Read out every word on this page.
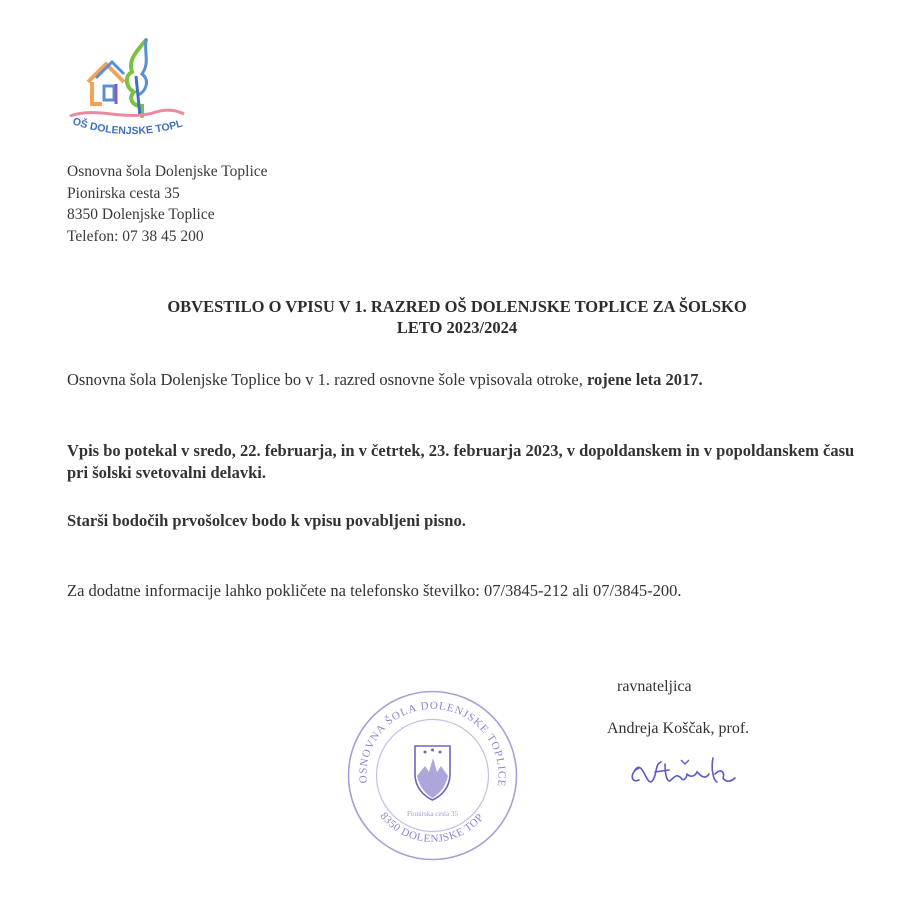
OŠ DOLENJSKE TOPL
Osnovna šola Dolenjske Toplice
Pionirska cesta 35
8350 Dolenjske Toplice
Telefon: 07 38 45 200
OBVESTILO O VPISU V 1. RAZRED OŠ DOLENJSKE TOPLICE ZA ŠOLSKO
LETO 2023/2024
Osnovna šola Dolenjske Toplice bo v 1. razred osnovne šole vpisovala otroke, rojene leta 2017.
Vpis bo potekal v sredo, 22. februarja, in v četrtek, 23. februarja 2023, v dopoldanskem in v popoldanskem času pri šolski svetovalni delavki.
Starši bodočih prvošolcev bodo k vpisu povabljeni pisno.
Za dodatne informacije lahko pokličete na telefonsko številko: 07/3845-212 ali 07/3845-200.
ravnateljica
Andreja Koščak, prof.
OSNOVNA ŠOLA DOLENJSKE TOPLICE
8350 DOLENJSKE TOP
Pionirska cesta 35
